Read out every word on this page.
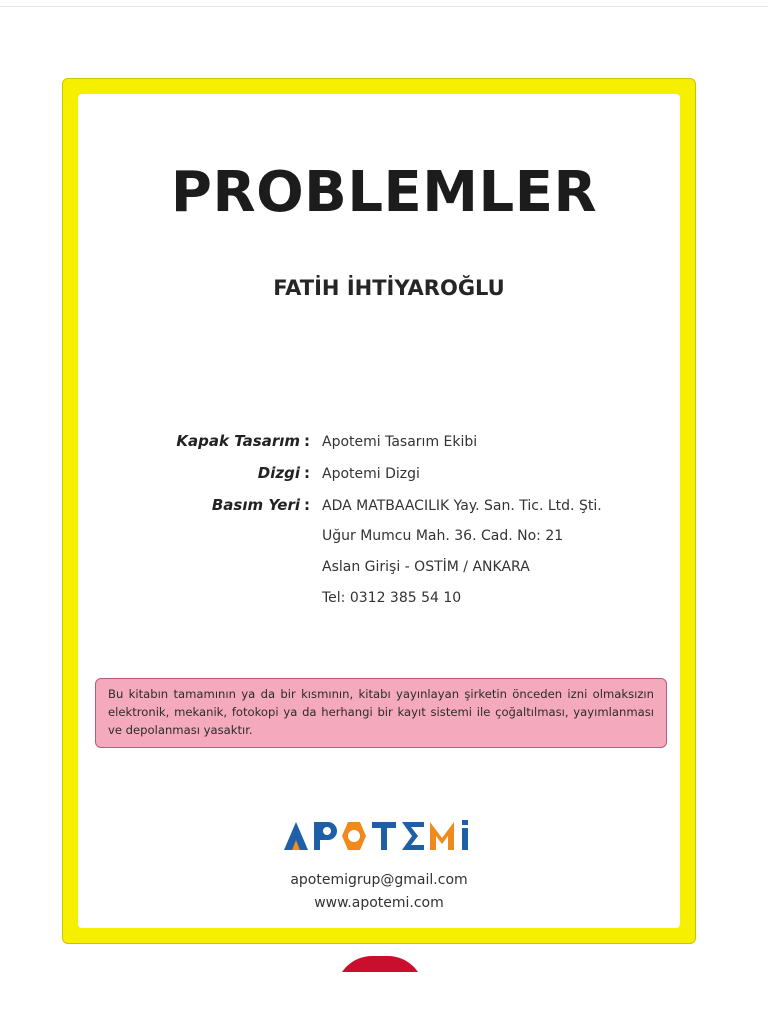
PROBLEMLER
FATİH İHTİYAROĞLU
Kapak Tasarım : Apotemi Tasarım Ekibi
Dizgi : Apotemi Dizgi
Basım Yeri : ADA MATBAACILIK Yay. San. Tic. Ltd. Şti.
Uğur Mumcu Mah. 36. Cad. No: 21
Aslan Girişi - OSTİM / ANKARA
Tel: 0312 385 54 10
Bu kitabın tamamının ya da bir kısmının, kitabı yayınlayan şirketin önceden izni olmaksızın elektronik, mekanik, fotokopi ya da herhangi bir kayıt sistemi ile çoğaltılması, yayımlanması ve depolanması yasaktır.
apotemigrup@gmail.com
www.apotemi.com
